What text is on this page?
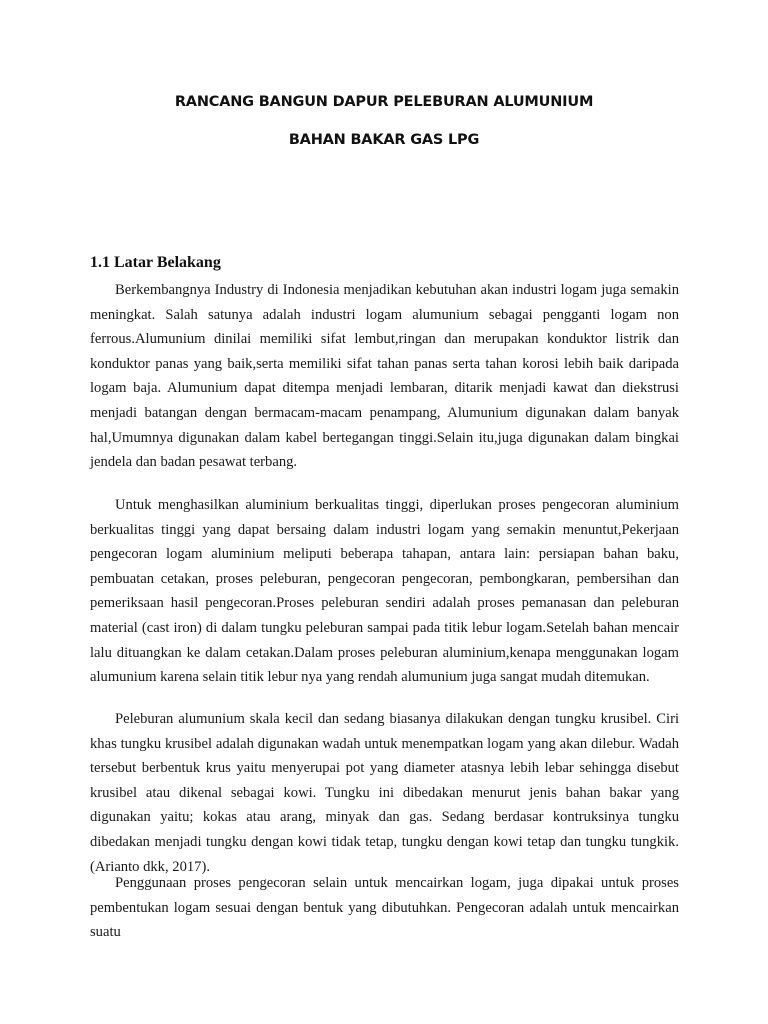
RANCANG BANGUN DAPUR PELEBURAN ALUMUNIUM
BAHAN BAKAR GAS LPG
1.1 Latar Belakang

Berkembangnya Industry di Indonesia menjadikan kebutuhan akan industri logam juga semakin meningkat. Salah satunya adalah industri logam alumunium sebagai pengganti logam non ferrous.Alumunium dinilai memiliki sifat lembut,ringan dan merupakan konduktor listrik dan konduktor panas yang baik,serta memiliki sifat tahan panas serta tahan korosi lebih baik daripada logam baja. Alumunium dapat ditempa menjadi lembaran, ditarik menjadi kawat dan diekstrusi menjadi batangan dengan bermacam-macam penampang, Alumunium digunakan dalam banyak hal,Umumnya digunakan dalam kabel bertegangan tinggi.Selain itu,juga digunakan dalam bingkai jendela dan badan pesawat terbang.

Untuk menghasilkan aluminium berkualitas tinggi, diperlukan proses pengecoran aluminium berkualitas tinggi yang dapat bersaing dalam industri logam yang semakin menuntut,Pekerjaan pengecoran logam aluminium meliputi beberapa tahapan, antara lain: persiapan bahan baku, pembuatan cetakan, proses peleburan, pengecoran pengecoran, pembongkaran, pembersihan dan pemeriksaan hasil pengecoran.Proses peleburan sendiri adalah proses pemanasan dan peleburan material (cast iron) di dalam tungku peleburan sampai pada titik lebur logam.Setelah bahan mencair lalu dituangkan ke dalam cetakan.Dalam proses peleburan aluminium,kenapa menggunakan logam alumunium karena selain titik lebur nya yang rendah alumunium juga sangat mudah ditemukan.

Peleburan alumunium skala kecil dan sedang biasanya dilakukan dengan tungku krusibel. Ciri khas tungku krusibel adalah digunakan wadah untuk menempatkan logam yang akan dilebur. Wadah tersebut berbentuk krus yaitu menyerupai pot yang diameter atasnya lebih lebar sehingga disebut krusibel atau dikenal sebagai kowi. Tungku ini dibedakan menurut jenis bahan bakar yang digunakan yaitu; kokas atau arang, minyak dan gas. Sedang berdasar kontruksinya tungku dibedakan menjadi tungku dengan kowi tidak tetap, tungku dengan kowi tetap dan tungku tungkik. (Arianto dkk, 2017).

Penggunaan proses pengecoran selain untuk mencairkan logam, juga dipakai untuk proses pembentukan logam sesuai dengan bentuk yang dibutuhkan. Pengecoran adalah untuk mencairkan suatu
